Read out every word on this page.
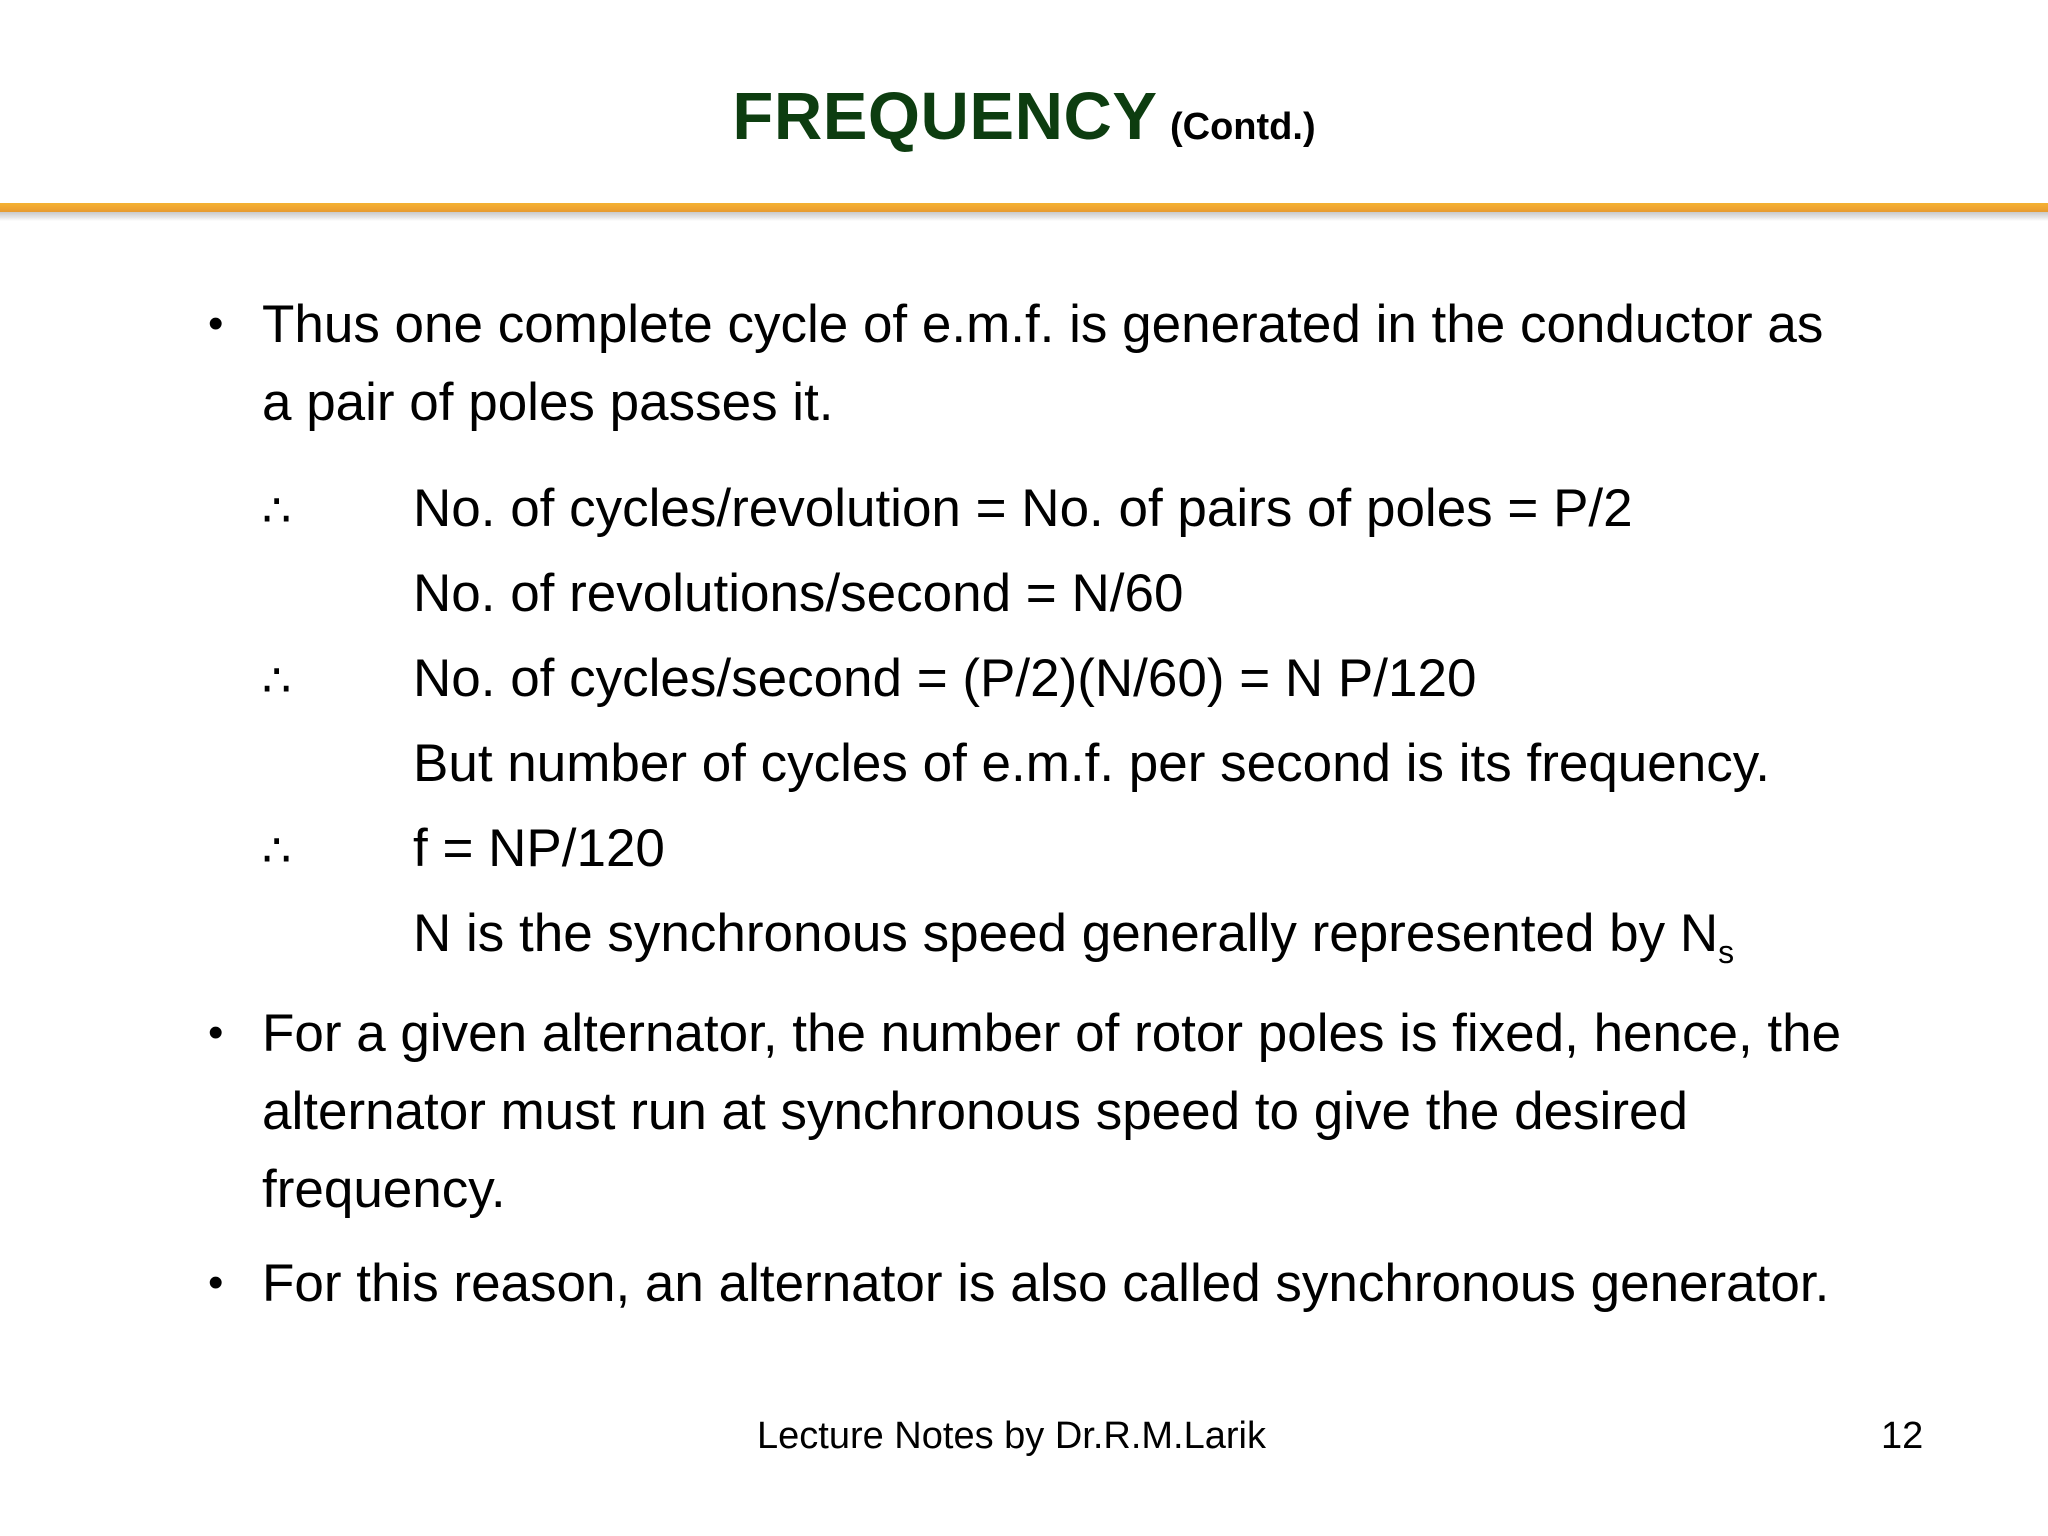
FREQUENCY (Contd.)
• Thus one complete cycle of e.m.f. is generated in the conductor as
a pair of poles passes it.
∴ No. of cycles/revolution = No. of pairs of poles = P/2
No. of revolutions/second = N/60
∴ No. of cycles/second = (P/2)(N/60) = N P/120
But number of cycles of e.m.f. per second is its frequency.
∴ f = NP/120
N is the synchronous speed generally represented by $N_s$
• For a given alternator, the number of rotor poles is fixed, hence, the
alternator must run at synchronous speed to give the desired
frequency.
• For this reason, an alternator is also called synchronous generator.
Lecture Notes by Dr.R.M.Larik	12
